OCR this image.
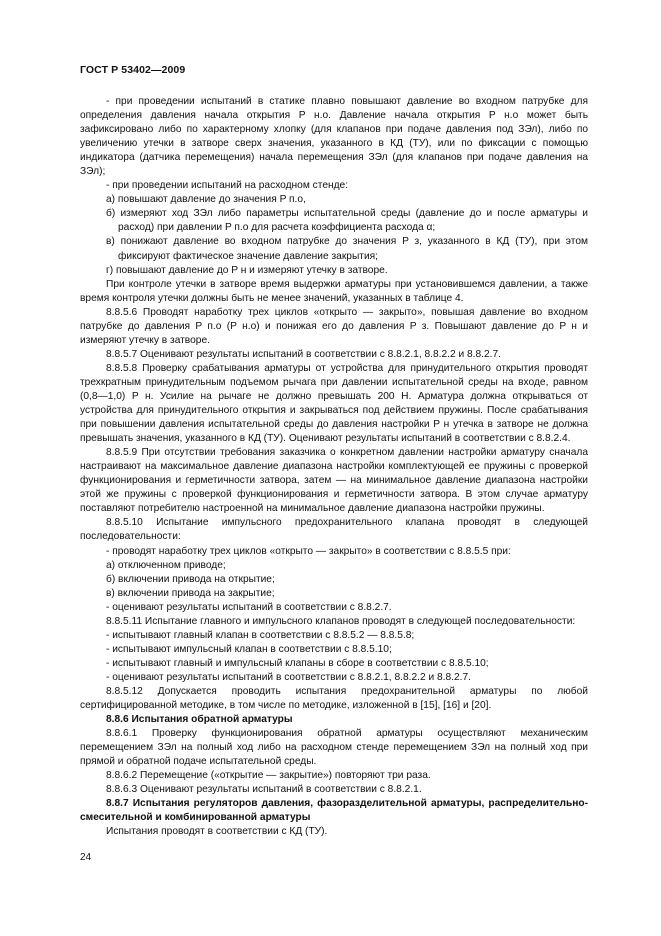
ГОСТ Р 53402—2009

- при проведении испытаний в статике плавно повышают давление во входном патрубке для определения давления начала открытия P н.о. Давление начала открытия P н.о может быть зафиксировано либо по характерному хлопку (для клапанов при подаче давления под ЗЭл), либо по увеличению утечки в затворе сверх значения, указанного в КД (ТУ), или по фиксации с помощью индикатора (датчика перемещения) начала перемещения ЗЭл (для клапанов при подаче давления на ЗЭл);

- при проведении испытаний на расходном стенде:

а) повышают давление до значения P п.о,

б) измеряют ход ЗЭл либо параметры испытательной среды (давление до и после арматуры и расход) при давлении P п.о для расчета коэффициента расхода α;

в) понижают давление во входном патрубке до значения P з, указанного в КД (ТУ), при этом фиксируют фактическое значение давление закрытия;

г) повышают давление до P н и измеряют утечку в затворе.

При контроле утечки в затворе время выдержки арматуры при установившемся давлении, а также время контроля утечки должны быть не менее значений, указанных в таблице 4.

8.8.5.6 Проводят наработку трех циклов «открыто — закрыто», повышая давление во входном патрубке до давления P п.о (P н.о) и понижая его до давления P з. Повышают давление до P н и измеряют утечку в затворе.

8.8.5.7 Оценивают результаты испытаний в соответствии с 8.8.2.1, 8.8.2.2 и 8.8.2.7.

8.8.5.8 Проверку срабатывания арматуры от устройства для принудительного открытия проводят трехкратным принудительным подъемом рычага при давлении испытательной среды на входе, равном (0,8—1,0) P н. Усилие на рычаге не должно превышать 200 Н. Арматура должна открываться от устройства для принудительного открытия и закрываться под действием пружины. После срабатывания при повышении давления испытательной среды до давления настройки P н утечка в затворе не должна превышать значения, указанного в КД (ТУ). Оценивают результаты испытаний в соответствии с 8.8.2.4.

8.8.5.9 При отсутствии требования заказчика о конкретном давлении настройки арматуру сначала настраивают на максимальное давление диапазона настройки комплектующей ее пружины с проверкой функционирования и герметичности затвора, затем — на минимальное давление диапазона настройки этой же пружины с проверкой функционирования и герметичности затвора. В этом случае арматуру поставляют потребителю настроенной на минимальное давление диапазона настройки пружины.

8.8.5.10 Испытание импульсного предохранительного клапана проводят в следующей последовательности:

- проводят наработку трех циклов «открыто — закрыто» в соответствии с 8.8.5.5 при:

а) отключенном приводе;

б) включении привода на открытие;

в) включении привода на закрытие;

- оценивают результаты испытаний в соответствии с 8.8.2.7.

8.8.5.11 Испытание главного и импульсного клапанов проводят в следующей последовательности:

- испытывают главный клапан в соответствии с 8.8.5.2 — 8.8.5.8;

- испытывают импульсный клапан в соответствии с 8.8.5.10;

- испытывают главный и импульсный клапаны в сборе в соответствии с 8.8.5.10;

- оценивают результаты испытаний в соответствии с 8.8.2.1, 8.8.2.2 и 8.8.2.7.

8.8.5.12 Допускается проводить испытания предохранительной арматуры по любой сертифицированной методике, в том числе по методике, изложенной в [15], [16] и [20].

8.8.6 Испытания обратной арматуры

8.8.6.1 Проверку функционирования обратной арматуры осуществляют механическим перемещением ЗЭл на полный ход либо на расходном стенде перемещением ЗЭл на полный ход при прямой и обратной подаче испытательной среды.

8.8.6.2 Перемещение («открытие — закрытие») повторяют три раза.

8.8.6.3 Оценивают результаты испытаний в соответствии с 8.8.2.1.

8.8.7 Испытания регуляторов давления, фазоразделительной арматуры, распределительно-смесительной и комбинированной арматуры

Испытания проводят в соответствии с КД (ТУ).

24
